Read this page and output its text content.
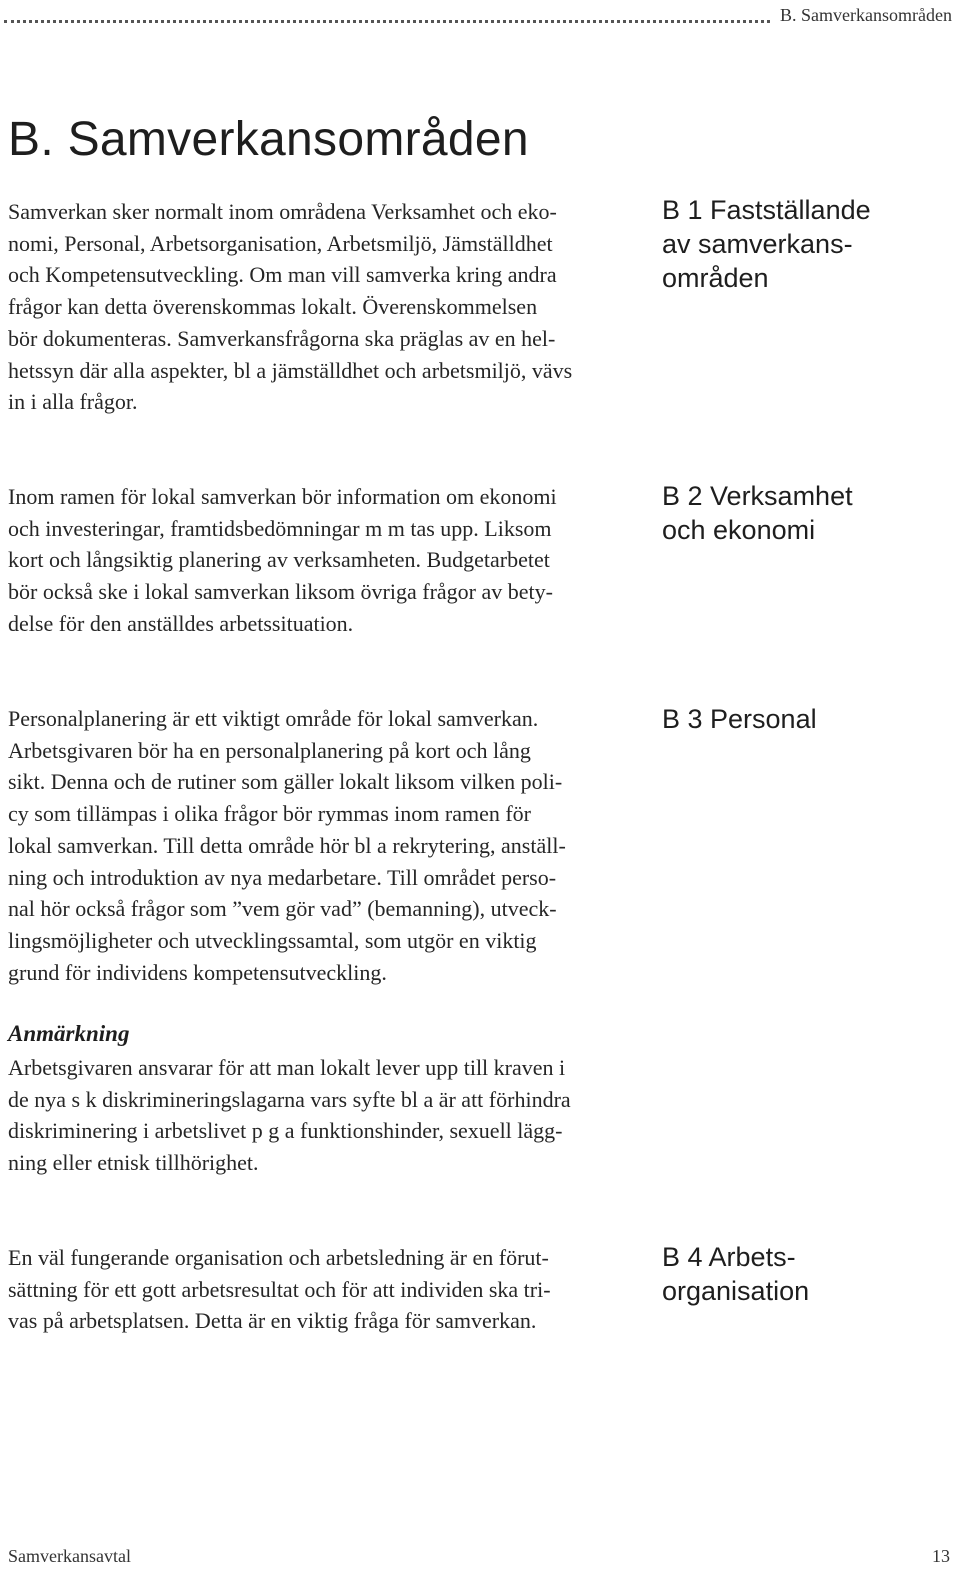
B. Samverkansområden
B. Samverkansområden
Samverkan sker normalt inom områdena Verksamhet och eko-
nomi, Personal, Arbetsorganisation, Arbetsmiljö, Jämställdhet
och Kompetensutveckling. Om man vill samverka kring andra
frågor kan detta överenskommas lokalt. Överenskommelsen
bör dokumenteras. Samverkansfrågorna ska präglas av en hel-
hetssyn där alla aspekter, bl a jämställdhet och arbetsmiljö, vävs
in i alla frågor.
B 1 Fastställande
av samverkans-
områden
Inom ramen för lokal samverkan bör information om ekonomi
och investeringar, framtidsbedömningar m m tas upp. Liksom
kort och långsiktig planering av verksamheten. Budgetarbetet
bör också ske i lokal samverkan liksom övriga frågor av bety-
delse för den anställdes arbetssituation.
B 2 Verksamhet
och ekonomi
Personalplanering är ett viktigt område för lokal samverkan.
Arbetsgivaren bör ha en personalplanering på kort och lång
sikt. Denna och de rutiner som gäller lokalt liksom vilken poli-
cy som tillämpas i olika frågor bör rymmas inom ramen för
lokal samverkan. Till detta område hör bl a rekrytering, anställ-
ning och introduktion av nya medarbetare. Till området perso-
nal hör också frågor som ”vem gör vad” (bemanning), utveck-
lingsmöjligheter och utvecklingssamtal, som utgör en viktig
grund för individens kompetensutveckling.
B 3 Personal
Anmärkning
Arbetsgivaren ansvarar för att man lokalt lever upp till kraven i
de nya s k diskrimineringslagarna vars syfte bl a är att förhindra
diskriminering i arbetslivet p g a funktionshinder, sexuell lägg-
ning eller etnisk tillhörighet.
En väl fungerande organisation och arbetsledning är en förut-
sättning för ett gott arbetsresultat och för att individen ska tri-
vas på arbetsplatsen. Detta är en viktig fråga för samverkan.
B 4 Arbets-
organisation
Samverkansavtal	13
